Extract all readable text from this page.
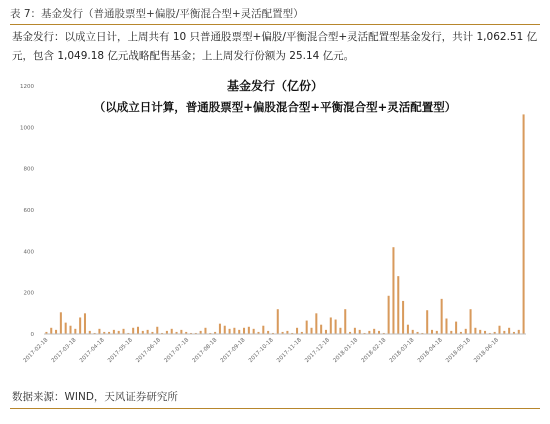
表 7：基金发行（普通股票型+偏股/平衡混合型+灵活配置型）
基金发行：以成立日计，上周共有 10 只普通股票型+偏股/平衡混合型+灵活配置型基金发行，共计 1,062.51 亿元，包含 1,049.18 亿元战略配售基金；上上周发行份额为 25.14 亿元。
基金发行（亿份）
（以成立日计算，普通股票型+偏股混合型+平衡混合型+灵活配置型）
0
200
400
600
800
1000
1200
2017-02-18 2017-03-18 2017-04-18 2017-05-18 2017-06-18 2017-07-18 2017-08-18 2017-09-18 2017-10-18 2017-11-18 2017-12-18 2018-01-18 2018-02-18 2018-03-18 2018-04-18 2018-05-18 2018-06-18
数据来源：WIND，天风证券研究所
